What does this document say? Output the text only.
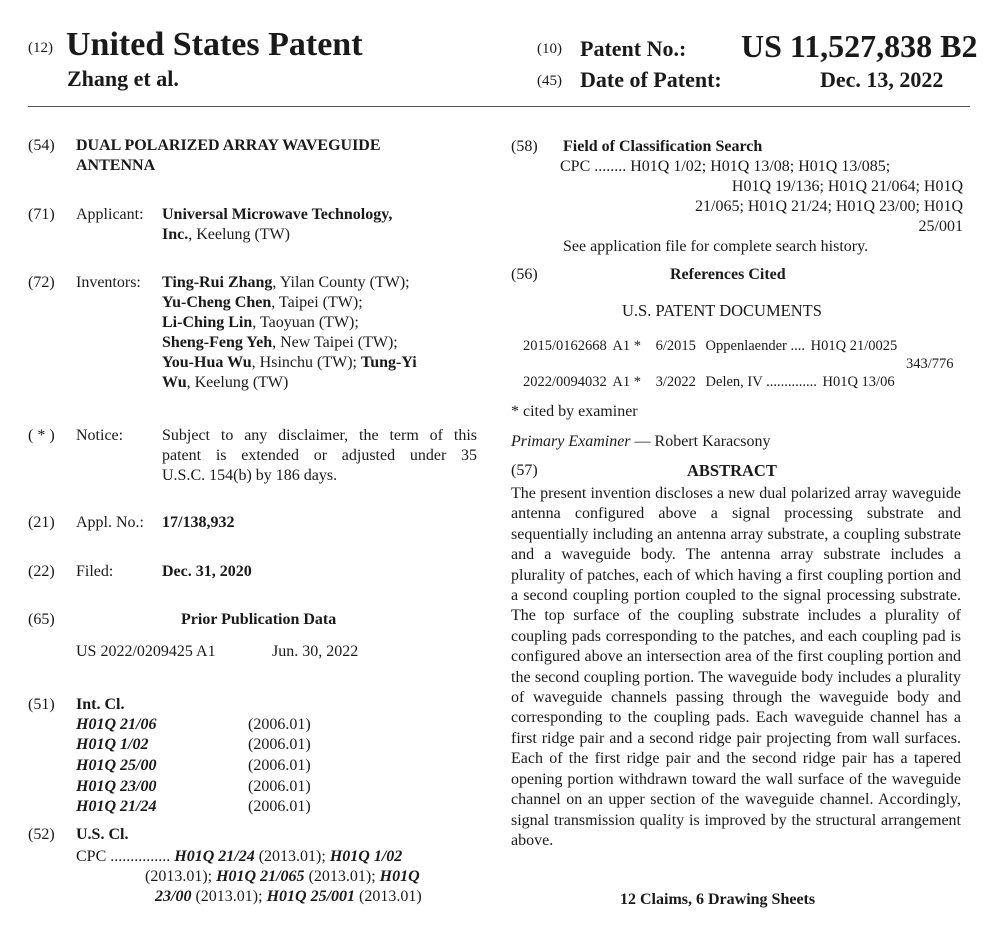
(12) United States Patent
Zhang et al.
(10) Patent No.: US 11,527,838 B2
(45) Date of Patent:	Dec. 13, 2022
(54) DUAL POLARIZED ARRAY WAVEGUIDE
ANTENNA
(71) Applicant: Universal Microwave Technology,
Inc., Keelung (TW)
(72) Inventors: Ting-Rui Zhang, Yilan County (TW);
Yu-Cheng Chen, Taipei (TW);
Li-Ching Lin, Taoyuan (TW);
Sheng-Feng Yeh, New Taipei (TW);
You-Hua Wu, Hsinchu (TW); Tung-Yi
Wu, Keelung (TW)
( * ) Notice: Subject to any disclaimer, the term of this
patent is extended or adjusted under 35
U.S.C. 154(b) by 186 days.
(21) Appl. No.: 17/138,932
(22) Filed:	Dec. 31, 2020
(65)	Prior Publication Data
US 2022/0209425 A1	Jun. 30, 2022
(51) Int. Cl.
H01Q 21/06	(2006.01)
H01Q 1/02	(2006.01)
H01Q 25/00	(2006.01)
H01Q 23/00	(2006.01)
H01Q 21/24	(2006.01)
(52) U.S. Cl.
CPC ............... H01Q 21/24 (2013.01); H01Q 1/02
(2013.01); H01Q 21/065 (2013.01); H01Q
23/00 (2013.01); H01Q 25/001 (2013.01)
(58) Field of Classification Search
CPC ........ H01Q 1/02; H01Q 13/08; H01Q 13/085;
H01Q 19/136; H01Q 21/064; H01Q
21/065; H01Q 21/24; H01Q 23/00; H01Q
25/001
See application file for complete search history.
(56)	References Cited
U.S. PATENT DOCUMENTS
2015/0162668 A1 * 6/2015 Oppenlaender .... H01Q 21/0025
343/776
2022/0094032 A1 * 3/2022 Delen, IV .............. H01Q 13/06
* cited by examiner
Primary Examiner — Robert Karacsony
(57)	ABSTRACT
The present invention discloses a new dual polarized array waveguide antenna configured above a signal processing substrate and sequentially including an antenna array substrate, a coupling substrate and a waveguide body. The antenna array substrate includes a plurality of patches, each of which having a first coupling portion and a second coupling portion coupled to the signal processing substrate. The top surface of the coupling substrate includes a plurality of coupling pads corresponding to the patches, and each coupling pad is configured above an intersection area of the first coupling portion and the second coupling portion. The waveguide body includes a plurality of waveguide channels passing through the waveguide body and corresponding to the coupling pads. Each waveguide channel has a first ridge pair and a second ridge pair projecting from wall surfaces. Each of the first ridge pair and the second ridge pair has a tapered opening portion withdrawn toward the wall surface of the waveguide channel on an upper section of the waveguide channel. Accordingly, signal transmission quality is improved by the structural arrangement above.
12 Claims, 6 Drawing Sheets
